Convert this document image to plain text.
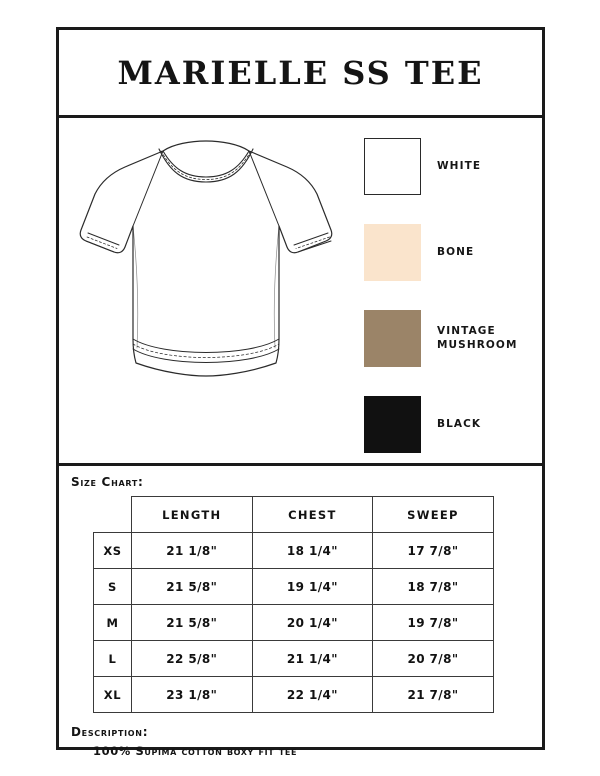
MARIELLE SS TEE
WHITE
BONE
VINTAGE MUSHROOM
BLACK
Size Chart:
	LENGTH	CHEST	SWEEP
XS	21 1/8"	18 1/4"	17 7/8"
S	21 5/8"	19 1/4"	18 7/8"
M	21 5/8"	20 1/4"	19 7/8"
L	22 5/8"	21 1/4"	20 7/8"
XL	23 1/8"	22 1/4"	21 7/8"
Description:
100% Supima cotton boxy fit tee
